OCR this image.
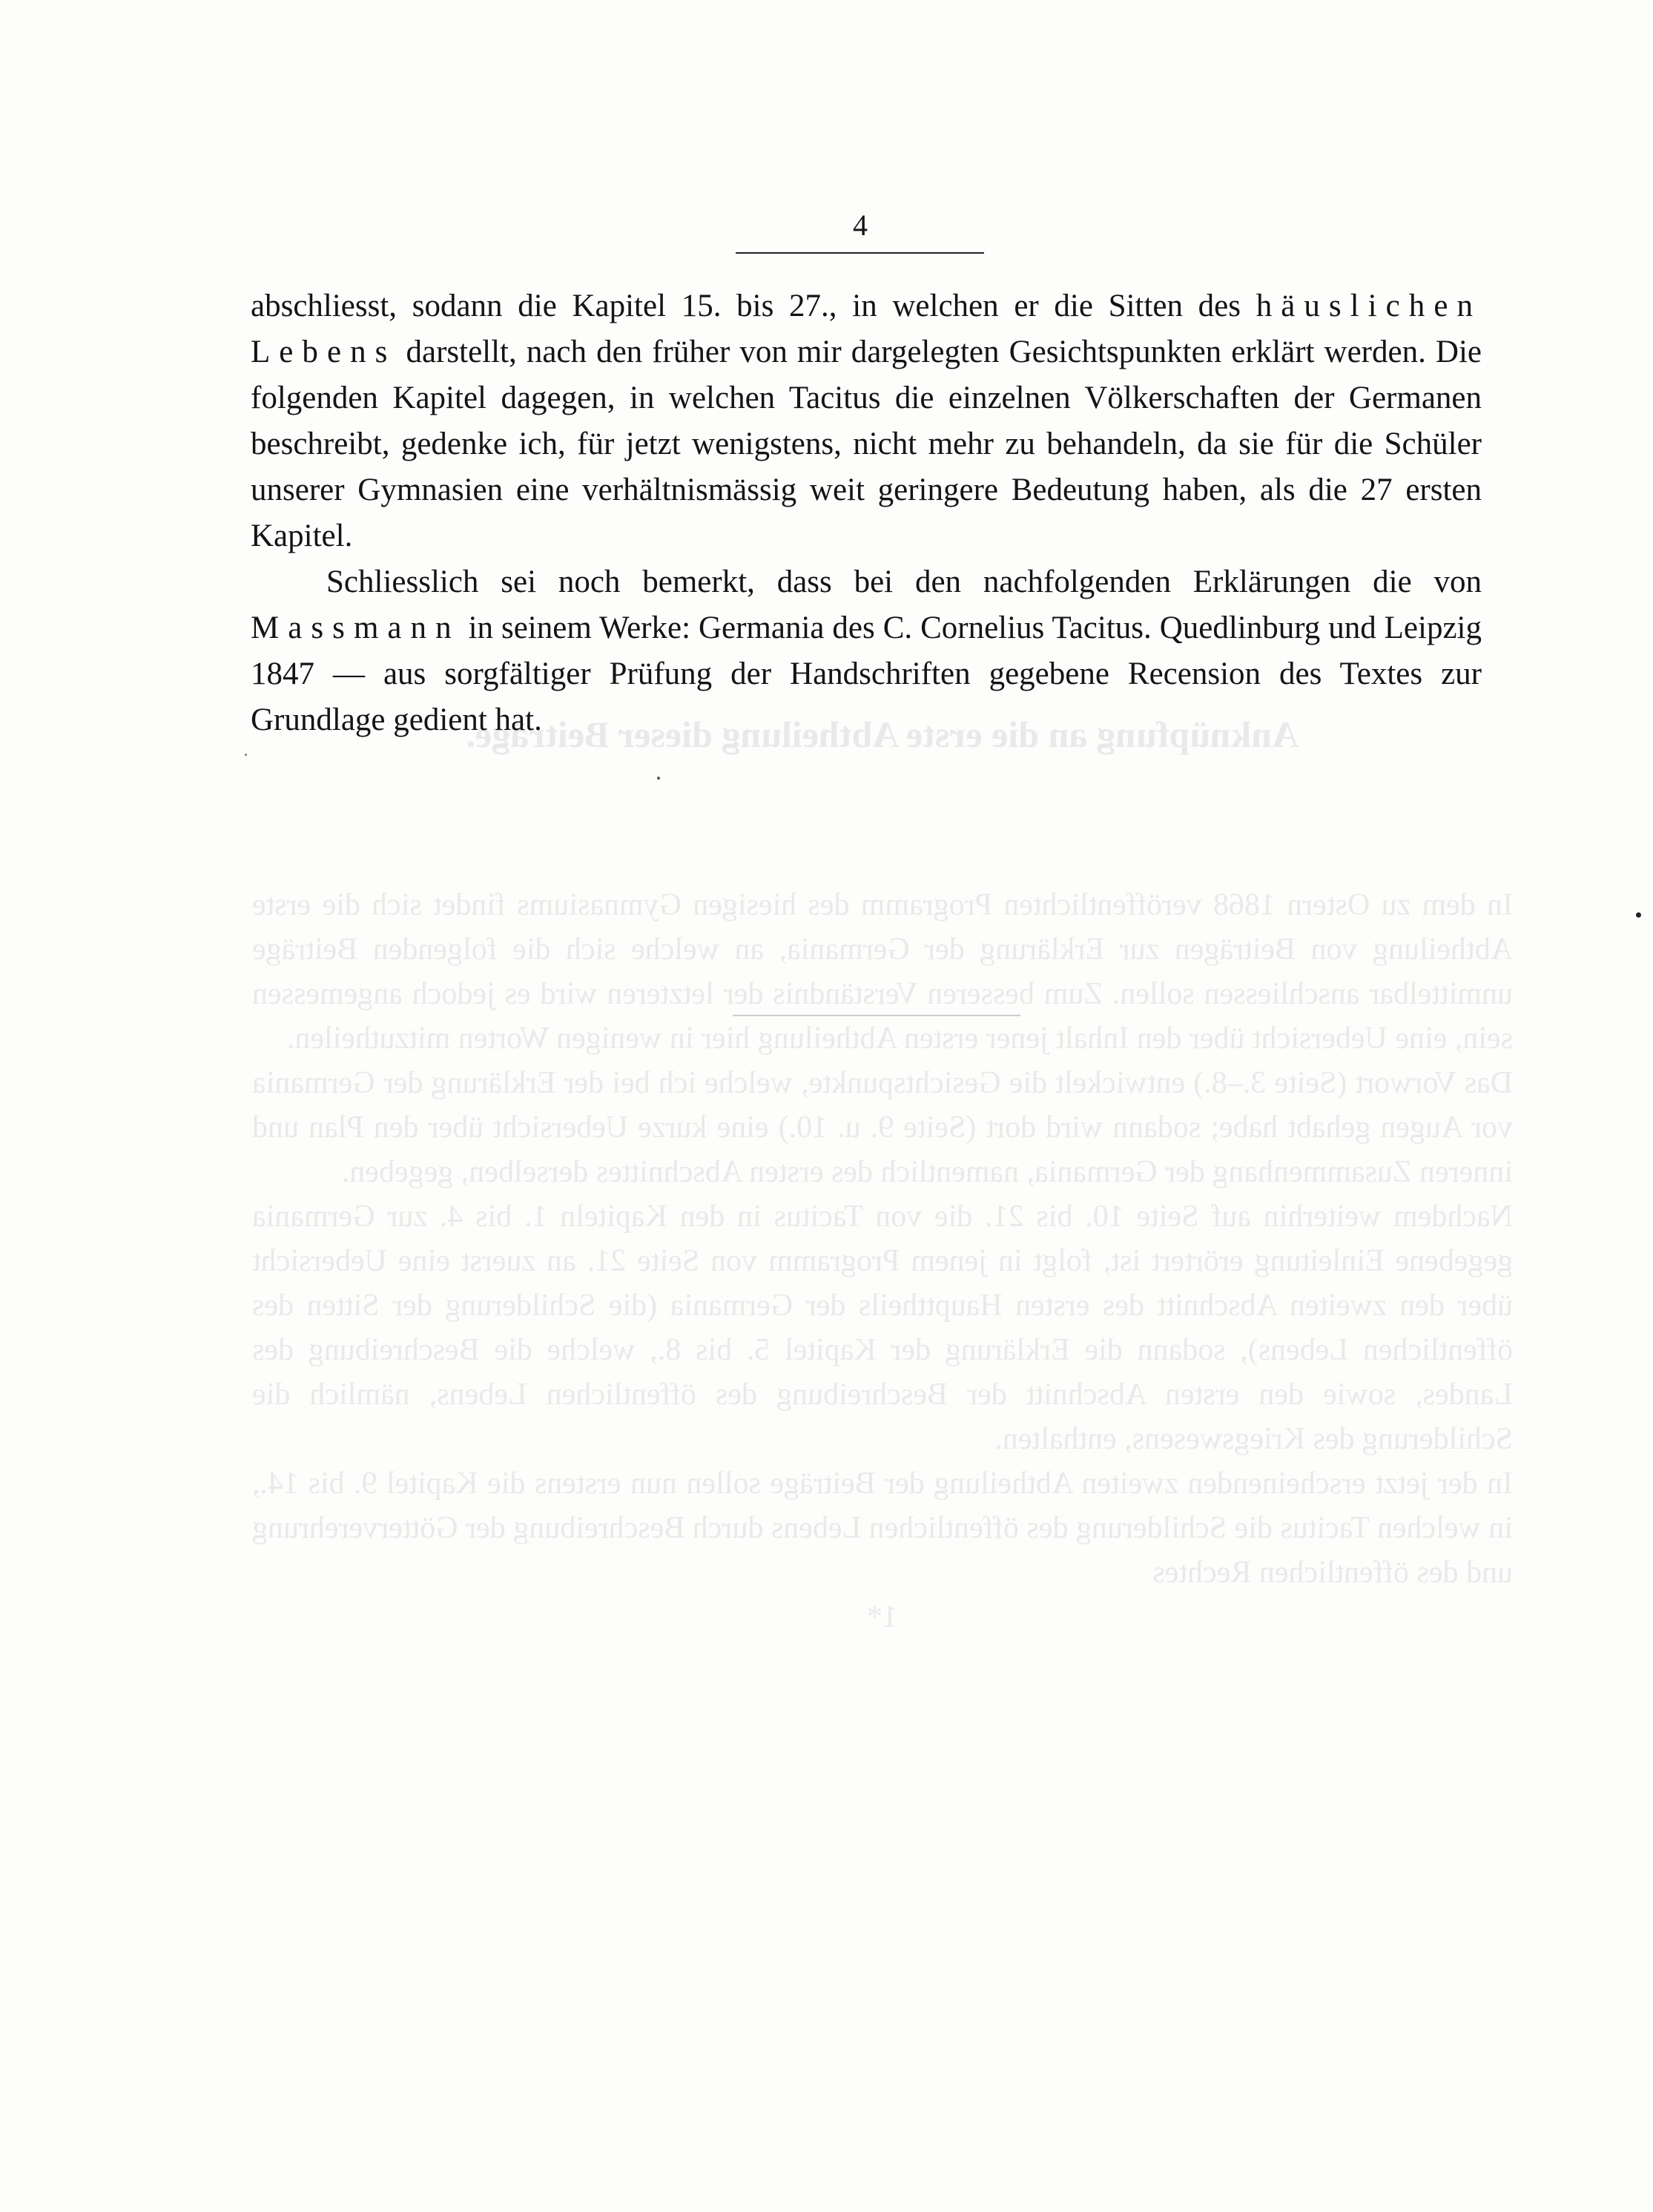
Anknüpfung an die erste Abtheilung dieser Beiträge.

In dem zu Ostern 1868 veröffentlichten Programm des hiesigen Gymnasiums findet sich die erste Abtheilung von Beiträgen zur Erklärung der Germania, an welche sich die folgenden Beiträge unmittelbar anschliessen sollen. Zum besseren Verständnis der letzteren wird es jedoch angemessen sein, eine Uebersicht über den Inhalt jener ersten Abtheilung hier in wenigen Worten mitzutheilen.

Das Vorwort (Seite 3.–8.) entwickelt die Gesichtspunkte, welche ich bei der Erklärung der Germania vor Augen gehabt habe; sodann wird dort (Seite 9. u. 10.) eine kurze Uebersicht über den Plan und inneren Zusammenhang der Germania, namentlich des ersten Abschnittes derselben, gegeben.

Nachdem weiterhin auf Seite 10. bis 21. die von Tacitus in den Kapiteln 1. bis 4. zur Germania gegebene Einleitung erörtert ist, folgt in jenem Programm von Seite 21. an zuerst eine Uebersicht über den zweiten Abschnitt des ersten Haupttheils der Germania (die Schilderung der Sitten des öffentlichen Lebens), sodann die Erklärung der Kapitel 5. bis 8., welche die Beschreibung des Landes, sowie den ersten Abschnitt der Beschreibung des öffentlichen Lebens, nämlich die Schilderung des Kriegswesens, enthalten.

In der jetzt erscheinenden zweiten Abtheilung der Beiträge sollen nun erstens die Kapitel 9. bis 14., in welchen Tacitus die Schilderung des öffentlichen Lebens durch Beschreibung der Götterverehrung und des öffentlichen Rechtes

1*

4

abschliesst, sodann die Kapitel 15. bis 27., in welchen er die Sitten des häuslichen Lebens darstellt, nach den früher von mir dargelegten Gesichtspunkten erklärt werden. Die folgenden Kapitel dagegen, in welchen Tacitus die einzelnen Völkerschaften der Germanen beschreibt, gedenke ich, für jetzt wenigstens, nicht mehr zu behandeln, da sie für die Schüler unserer Gymnasien eine verhältnismässig weit geringere Bedeutung haben, als die 27 ersten Kapitel.

Schliesslich sei noch bemerkt, dass bei den nachfolgenden Erklärungen die von Massmann in seinem Werke: Germania des C. Cornelius Tacitus. Quedlinburg und Leipzig 1847 — aus sorgfältiger Prüfung der Handschriften gegebene Recension des Textes zur Grundlage gedient hat.
